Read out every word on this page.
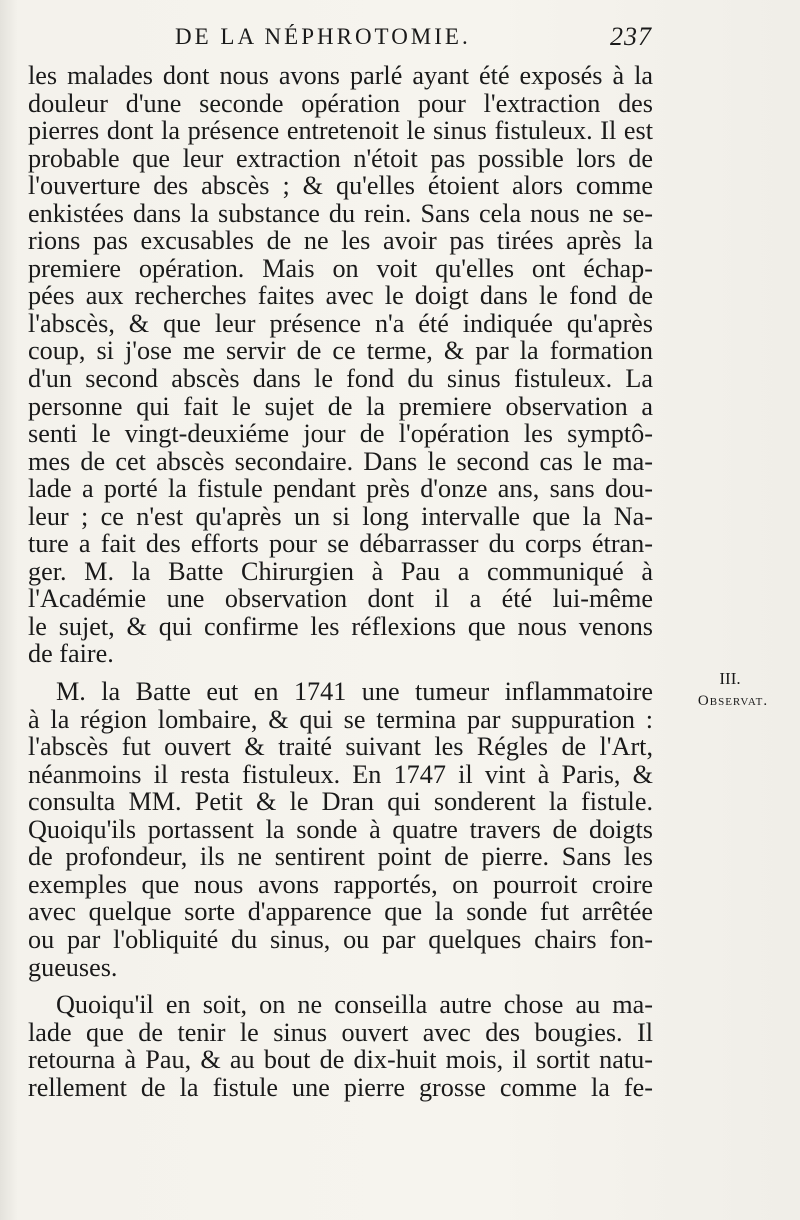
DE LA NÉPHROTOMIE.	237
les malades dont nous avons parlé ayant été exposés à la
douleur d'une seconde opération pour l'extraction des
pierres dont la présence entretenoit le sinus fistuleux. Il est
probable que leur extraction n'étoit pas possible lors de
l'ouverture des abscès ; & qu'elles étoient alors comme
enkistées dans la substance du rein. Sans cela nous ne se-
rions pas excusables de ne les avoir pas tirées après la
premiere opération. Mais on voit qu'elles ont échap-
pées aux recherches faites avec le doigt dans le fond de
l'abscès, & que leur présence n'a été indiquée qu'après
coup, si j'ose me servir de ce terme, & par la formation
d'un second abscès dans le fond du sinus fistuleux. La
personne qui fait le sujet de la premiere observation a
senti le vingt-deuxiéme jour de l'opération les symptô-
mes de cet abscès secondaire. Dans le second cas le ma-
lade a porté la fistule pendant près d'onze ans, sans dou-
leur ; ce n'est qu'après un si long intervalle que la Na-
ture a fait des efforts pour se débarrasser du corps étran-
ger. M. la Batte Chirurgien à Pau a communiqué à
l'Académie une observation dont il a été lui-même
le sujet, & qui confirme les réflexions que nous venons
de faire.
M. la Batte eut en 1741 une tumeur inflammatoire
à la région lombaire, & qui se termina par suppuration :
l'abscès fut ouvert & traité suivant les Régles de l'Art,
néanmoins il resta fistuleux. En 1747 il vint à Paris, &
consulta MM. Petit & le Dran qui sonderent la fistule.
Quoiqu'ils portassent la sonde à quatre travers de doigts
de profondeur, ils ne sentirent point de pierre. Sans les
exemples que nous avons rapportés, on pourroit croire
avec quelque sorte d'apparence que la sonde fut arrêtée
ou par l'obliquité du sinus, ou par quelques chairs fon-
gueuses.
Quoiqu'il en soit, on ne conseilla autre chose au ma-
lade que de tenir le sinus ouvert avec des bougies. Il
retourna à Pau, & au bout de dix-huit mois, il sortit natu-
rellement de la fistule une pierre grosse comme la fe-
III.
Observat.
